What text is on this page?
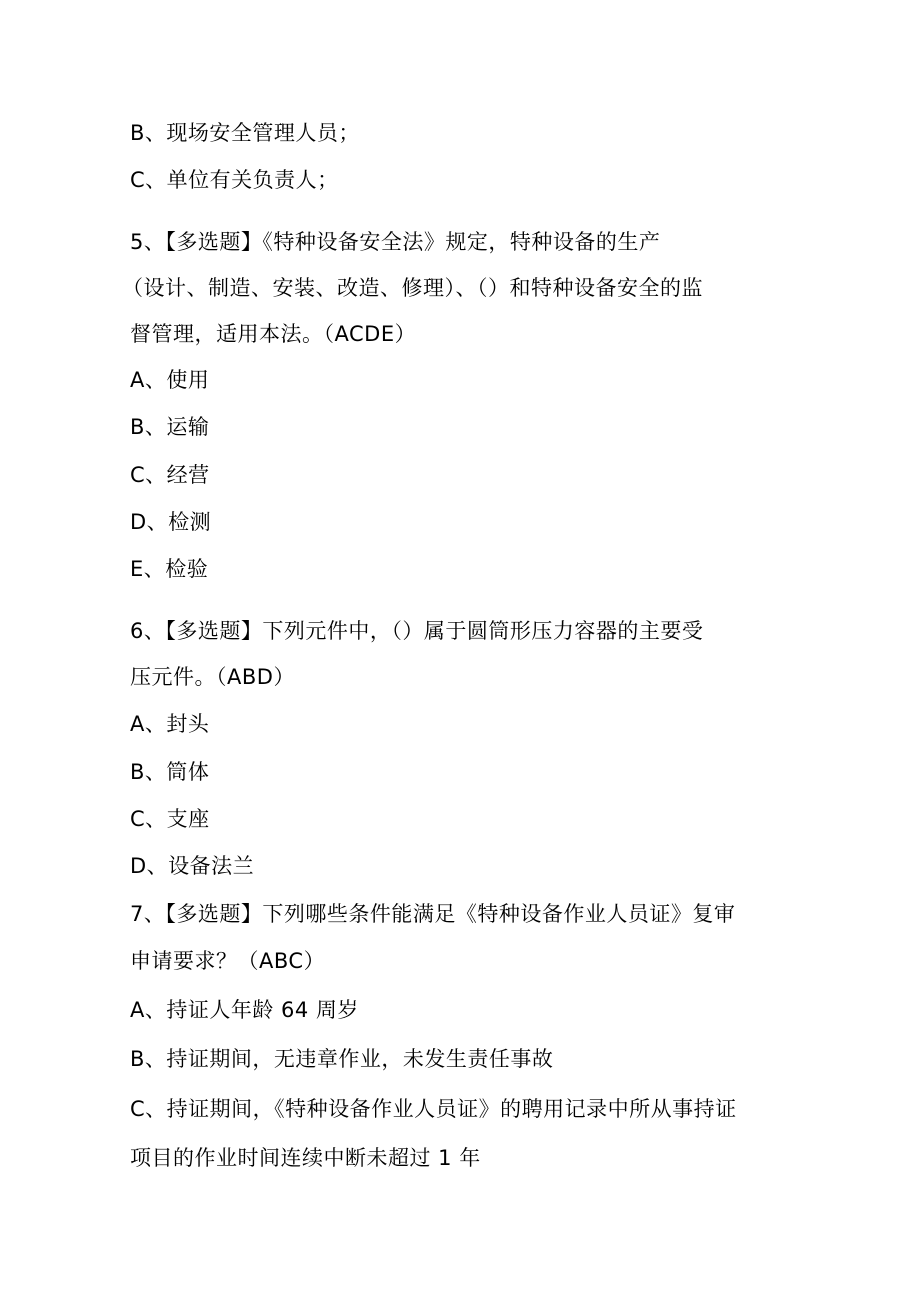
B、现场安全管理人员；
C、单位有关负责人；
5、【多选题】《特种设备安全法》规定，特种设备的生产
（设计、制造、安装、改造、修理）、（）和特种设备安全的监
督管理，适用本法。（ACDE）
A、使用
B、运输
C、经营
D、检测
E、检验
6、【多选题】下列元件中，（）属于圆筒形压力容器的主要受
压元件。（ABD）
A、封头
B、筒体
C、支座
D、设备法兰
7、【多选题】下列哪些条件能满足《特种设备作业人员证》复审
申请要求？（ABC）
A、持证人年龄 64 周岁
B、持证期间，无违章作业，未发生责任事故
C、持证期间，《特种设备作业人员证》的聘用记录中所从事持证
项目的作业时间连续中断未超过 1 年
